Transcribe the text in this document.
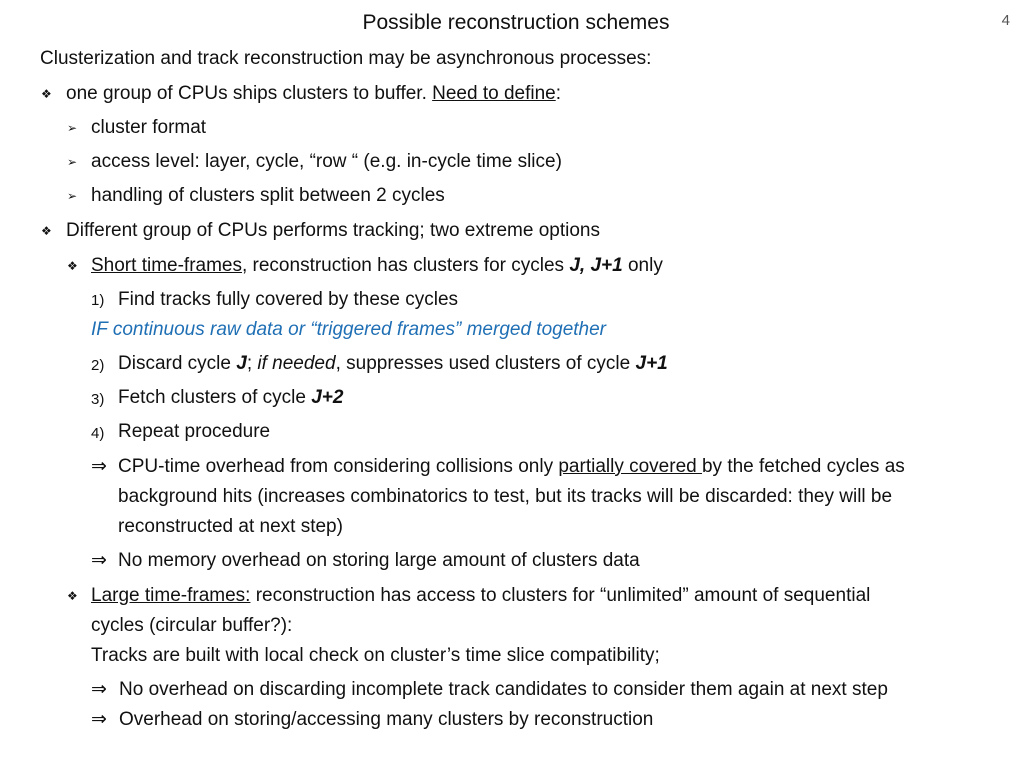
Possible reconstruction schemes	4
Clusterization and track reconstruction may be asynchronous processes:
❖ one group of CPUs ships clusters to buffer. Need to define:
➢ cluster format
➢ access level: layer, cycle, “row “ (e.g. in-cycle time slice)
➢ handling of clusters split between 2 cycles
❖ Different group of CPUs performs tracking; two extreme options
❖ Short time-frames, reconstruction has clusters for cycles J, J+1 only
1) Find tracks fully covered by these cycles
IF continuous raw data or “triggered frames” merged together
2) Discard cycle J; if needed, suppresses used clusters of cycle J+1
3) Fetch clusters of cycle J+2
4) Repeat procedure
⇒ CPU-time overhead from considering collisions only partially covered by the fetched cycles as
background hits (increases combinatorics to test, but its tracks will be discarded: they will be
reconstructed at next step)
⇒ No memory overhead on storing large amount of clusters data
❖ Large time-frames: reconstruction has access to clusters for “unlimited” amount of sequential
cycles (circular buffer?):
Tracks are built with local check on cluster’s time slice compatibility;
⇒ No overhead on discarding incomplete track candidates to consider them again at next step
⇒ Overhead on storing/accessing many clusters by reconstruction
